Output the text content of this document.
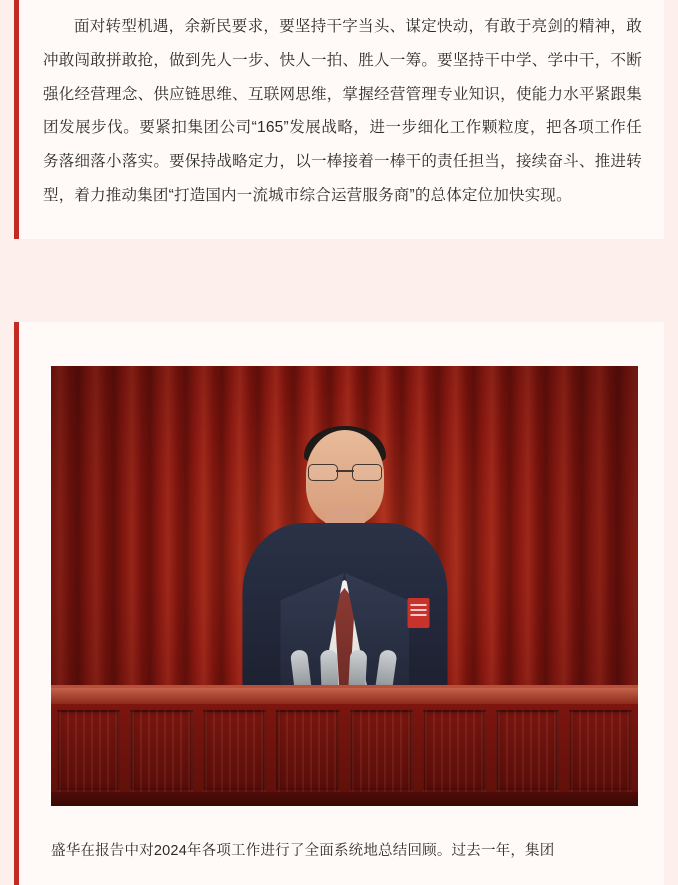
面对转型机遇，余新民要求，要坚持干字当头、谋定快动，有敢于亮剑的精神，敢冲敢闯敢拼敢抢，做到先人一步、快人一拍、胜人一筹。要坚持干中学、学中干，不断强化经营理念、供应链思维、互联网思维，掌握经营管理专业知识，使能力水平紧跟集团发展步伐。要紧扣集团公司“165”发展战略，进一步细化工作颗粒度，把各项工作任务落细落小落实。要保持战略定力，以一棒接着一棒干的责任担当，接续奋斗、推进转型，着力推动集团“打造国内一流城市综合运营服务商”的总体定位加快实现。

盛华在报告中对2024年各项工作进行了全面系统地总结回顾。过去一年，集团
